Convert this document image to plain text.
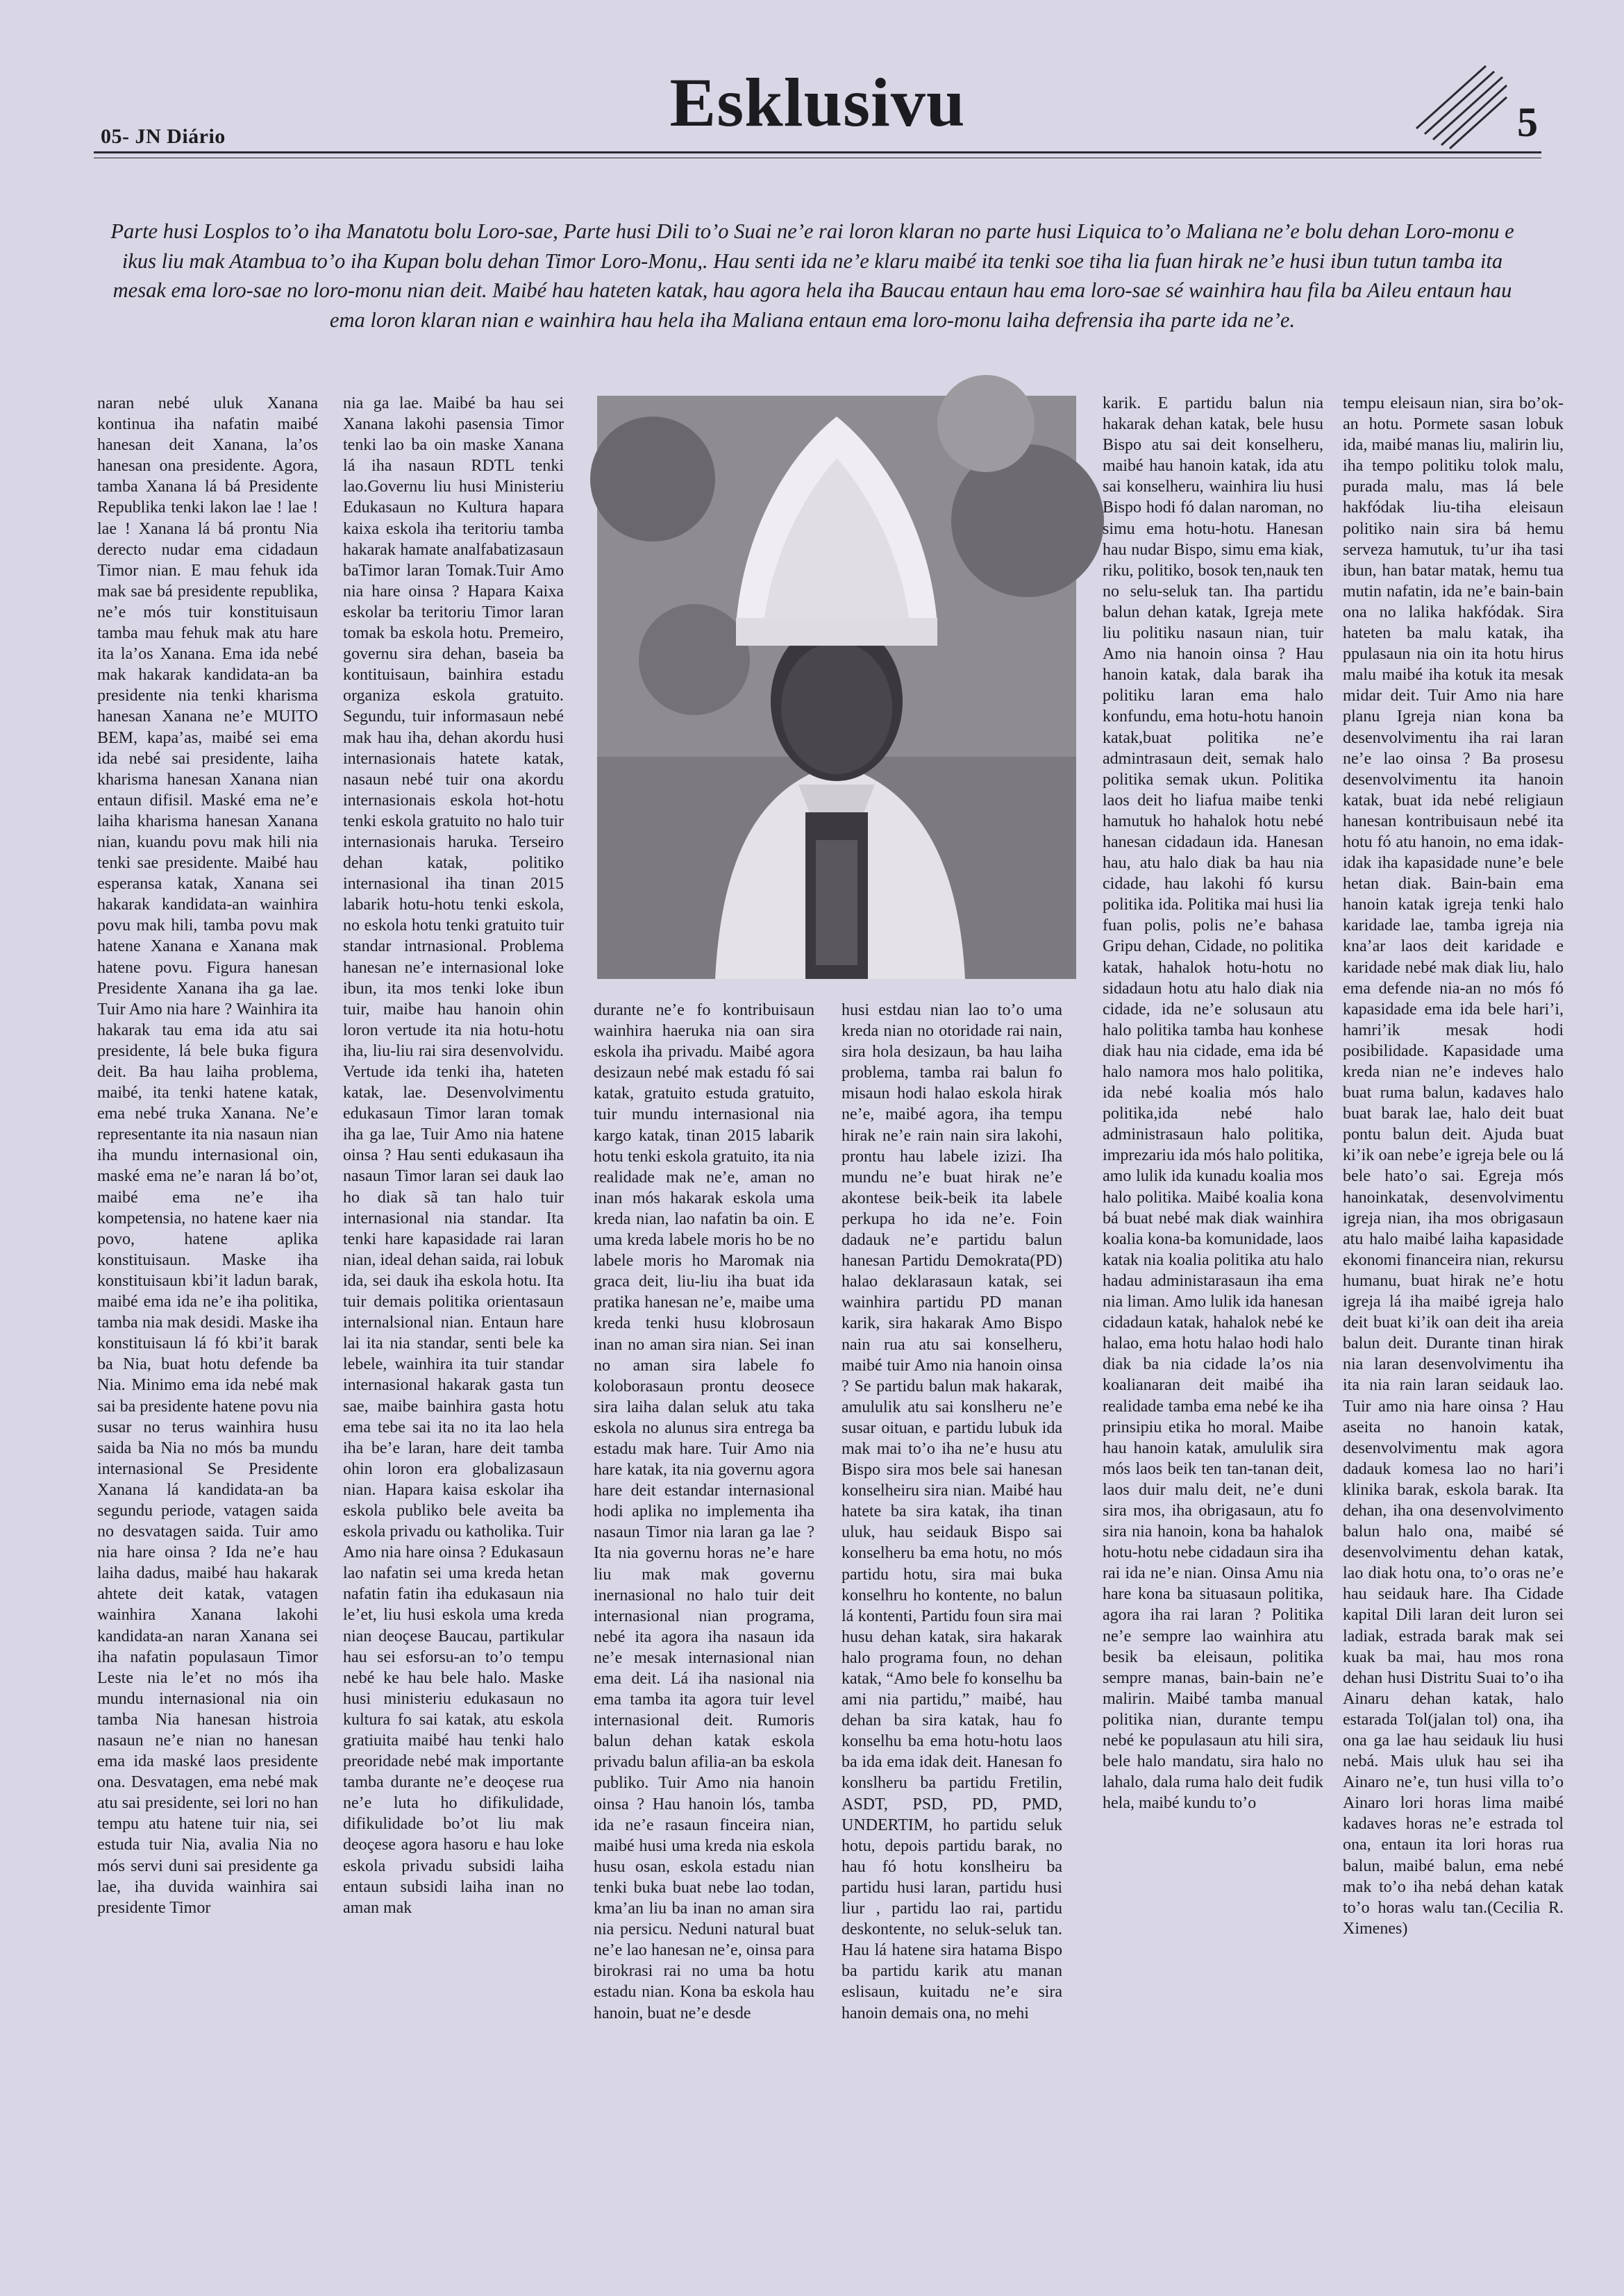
05- JN Diário	Esklusivu	5
Parte husi Losplos to’o iha Manatotu bolu Loro-sae, Parte husi Dili to’o Suai ne’e rai loron klaran no parte husi Liquica to’o Maliana ne’e bolu dehan Loro-monu e ikus liu mak Atambua to’o iha Kupan bolu dehan Timor Loro-Monu,. Hau senti ida ne’e klaru maibé ita tenki soe tiha lia fuan hirak ne’e husi ibun tutun tamba ita mesak ema loro-sae no loro-monu nian deit. Maibé hau hateten katak, hau agora hela iha Baucau entaun hau ema loro-sae sé wainhira hau fila ba Aileu entaun hau ema loron klaran nian e wainhira hau hela iha Maliana entaun ema loro-monu laiha defrensia iha parte ida ne’e.

naran nebé uluk Xanana kontinua iha nafatin maibé hanesan deit Xanana, la’os hanesan ona presidente. Agora, tamba Xanana lá bá Presidente Republika tenki lakon lae ! lae ! lae ! Xanana lá bá prontu Nia derecto nudar ema cidadaun Timor nian. E mau fehuk ida mak sae bá presidente republika, ne’e mós tuir konstituisaun tamba mau fehuk mak atu hare ita la’os Xanana. Ema ida nebé mak hakarak kandidata-an ba presidente nia tenki kharisma hanesan Xanana ne’e MUITO BEM, kapa’as, maibé sei ema ida nebé sai presidente, laiha kharisma hanesan Xanana nian entaun difisil. Maské ema ne’e laiha kharisma hanesan Xanana nian, kuandu povu mak hili nia tenki sae presidente. Maibé hau esperansa katak, Xanana sei hakarak kandidata-an wainhira povu mak hili, tamba povu mak hatene Xanana e Xanana mak hatene povu. Figura hanesan Presidente Xanana iha ga lae. Tuir Amo nia hare ? Wainhira ita hakarak tau ema ida atu sai presidente, lá bele buka figura deit. Ba hau laiha problema, maibé, ita tenki hatene katak, ema nebé truka Xanana. Ne’e representante ita nia nasaun nian iha mundu internasional oin, maské ema ne’e naran lá bo’ot, maibé ema ne’e iha kompetensia, no hatene kaer nia povo, hatene aplika konstituisaun. Maske iha konstituisaun kbi’it ladun barak, maibé ema ida ne’e iha politika, tamba nia mak desidi. Maske iha konstituisaun lá fó kbi’it barak ba Nia, buat hotu defende ba Nia. Minimo ema ida nebé mak sai ba presidente hatene povu nia susar no terus wainhira husu saida ba Nia no mós ba mundu internasional Se Presidente Xanana lá kandidata-an ba segundu periode, vatagen saida no desvatagen saida. Tuir amo nia hare oinsa ? Ida ne’e hau laiha dadus, maibé hau hakarak ahtete deit katak, vatagen wainhira Xanana lakohi kandidata-an naran Xanana sei iha nafatin populasaun Timor Leste nia le’et no mós iha mundu internasional nia oin tamba Nia hanesan histroia nasaun ne’e nian no hanesan ema ida maské laos presidente ona. Desvatagen, ema nebé mak atu sai presidente, sei lori no han tempu atu hatene tuir nia, sei estuda tuir Nia, avalia Nia no mós servi duni sai presidente ga lae, iha duvida wainhira sai presidente Timor

nia ga lae. Maibé ba hau sei Xanana lakohi pasensia Timor tenki lao ba oin maske Xanana lá iha nasaun RDTL tenki lao.Governu liu husi Ministeriu Edukasaun no Kultura hapara kaixa eskola iha teritoriu tamba hakarak hamate analfabatizasaun baTimor laran Tomak.Tuir Amo nia hare oinsa ? Hapara Kaixa eskolar ba teritoriu Timor laran tomak ba eskola hotu. Premeiro, governu sira dehan, baseia ba kontituisaun, bainhira estadu organiza eskola gratuito. Segundu, tuir informasaun nebé mak hau iha, dehan akordu husi internasionais hatete katak, nasaun nebé tuir ona akordu internasionais eskola hot-hotu tenki eskola gratuito no halo tuir internasionais haruka. Terseiro dehan katak, politiko internasional iha tinan 2015 labarik hotu-hotu tenki eskola, no eskola hotu tenki gratuito tuir standar intrnasional. Problema hanesan ne’e internasional loke ibun, ita mos tenki loke ibun tuir, maibe hau hanoin ohin loron vertude ita nia hotu-hotu iha, liu-liu rai sira desenvolvidu. Vertude ida tenki iha, hateten katak, lae. Desenvolvimentu edukasaun Timor laran tomak iha ga lae, Tuir Amo nia hatene oinsa ? Hau senti edukasaun iha nasaun Timor laran sei dauk lao ho diak sã tan halo tuir internasional nia standar. Ita tenki hare kapasidade rai laran nian, ideal dehan saida, rai lobuk ida, sei dauk iha eskola hotu. Ita tuir demais politika orientasaun internalsional nian. Entaun hare lai ita nia standar, senti bele ka lebele, wainhira ita tuir standar internasional hakarak gasta tun sae, maibe bainhira gasta hotu ema tebe sai ita no ita lao hela iha be’e laran, hare deit tamba ohin loron era globalizasaun nian. Hapara kaisa eskolar iha eskola publiko bele aveita ba eskola privadu ou katholika. Tuir Amo nia hare oinsa ? Edukasaun lao nafatin sei uma kreda hetan nafatin fatin iha edukasaun nia le’et, liu husi eskola uma kreda nian deoçese Baucau, partikular hau sei esforsu-an to’o tempu nebé ke hau bele halo. Maske husi ministeriu edukasaun no kultura fo sai katak, atu eskola gratiuita maibé hau tenki halo preoridade nebé mak importante tamba durante ne’e deoçese rua ne’e luta ho difikulidade, difikulidade bo’ot liu mak deoçese agora hasoru e hau loke eskola privadu subsidi laiha entaun subsidi laiha inan no aman mak

durante ne’e fo kontribuisaun wainhira haeruka nia oan sira eskola iha privadu. Maibé agora desizaun nebé mak estadu fó sai katak, gratuito estuda gratuito, tuir mundu internasional nia kargo katak, tinan 2015 labarik hotu tenki eskola gratuito, ita nia realidade mak ne’e, aman no inan mós hakarak eskola uma kreda nian, lao nafatin ba oin. E uma kreda labele moris ho be no labele moris ho Maromak nia graca deit, liu-liu iha buat ida pratika hanesan ne’e, maibe uma kreda tenki husu klobrosaun inan no aman sira nian. Sei inan no aman sira labele fo koloborasaun prontu deosece sira laiha dalan seluk atu taka eskola no alunus sira entrega ba estadu mak hare. Tuir Amo nia hare katak, ita nia governu agora hare deit estandar internasional hodi aplika no implementa iha nasaun Timor nia laran ga lae ? Ita nia governu horas ne’e hare liu mak mak governu inernasional no halo tuir deit internasional nian programa, nebé ita agora iha nasaun ida ne’e mesak internasional nian ema deit. Lá iha nasional nia ema tamba ita agora tuir level internasional deit. Rumoris balun dehan katak eskola privadu balun afilia-an ba eskola publiko. Tuir Amo nia hanoin oinsa ? Hau hanoin lós, tamba ida ne’e rasaun finceira nian, maibé husi uma kreda nia eskola husu osan, eskola estadu nian tenki buka buat nebe lao todan, kma’an liu ba inan no aman sira nia persicu. Neduni natural buat ne’e lao hanesan ne’e, oinsa para birokrasi rai no uma ba hotu estadu nian. Kona ba eskola hau hanoin, buat ne’e desde

husi estdau nian lao to’o uma kreda nian no otoridade rai nain, sira hola desizaun, ba hau laiha problema, tamba rai balun fo misaun hodi halao eskola hirak ne’e, maibé agora, iha tempu hirak ne’e rain nain sira lakohi, prontu hau labele izizi. Iha mundu ne’e buat hirak ne’e akontese beik-beik ita labele perkupa ho ida ne’e. Foin dadauk ne’e partidu balun hanesan Partidu Demokrata(PD) halao deklarasaun katak, sei wainhira partidu PD manan karik, sira hakarak Amo Bispo nain rua atu sai konselheru, maibé tuir Amo nia hanoin oinsa ? Se partidu balun mak hakarak, amululik atu sai konslheru ne’e susar oituan, e partidu lubuk ida mak mai to’o iha ne’e husu atu Bispo sira mos bele sai hanesan konselheiru sira nian. Maibé hau hatete ba sira katak, iha tinan uluk, hau seidauk Bispo sai konselheru ba ema hotu, no mós partidu hotu, sira mai buka konselhru ho kontente, no balun lá kontenti, Partidu foun sira mai husu dehan katak, sira hakarak halo programa foun, no dehan katak, “Amo bele fo konselhu ba ami nia partidu,” maibé, hau dehan ba sira katak, hau fo konselhu ba ema hotu-hotu laos ba ida ema idak deit. Hanesan fo konslheru ba partidu Fretilin, ASDT, PSD, PD, PMD, UNDERTIM, ho partidu seluk hotu, depois partidu barak, no hau fó hotu konslheiru ba partidu husi laran, partidu husi liur , partidu lao rai, partidu deskontente, no seluk-seluk tan. Hau lá hatene sira hatama Bispo ba partidu karik atu manan eslisaun, kuitadu ne’e sira hanoin demais ona, no mehi

karik. E partidu balun nia hakarak dehan katak, bele husu Bispo atu sai deit konselheru, maibé hau hanoin katak, ida atu sai konselheru, wainhira liu husi Bispo hodi fó dalan naroman, no simu ema hotu-hotu. Hanesan hau nudar Bispo, simu ema kiak, riku, politiko, bosok ten,nauk ten no selu-seluk tan. Iha partidu balun dehan katak, Igreja mete liu politiku nasaun nian, tuir Amo nia hanoin oinsa ? Hau hanoin katak, dala barak iha politiku laran ema halo konfundu, ema hotu-hotu hanoin katak,buat politika ne’e admintrasaun deit, semak halo politika semak ukun. Politika laos deit ho liafua maibe tenki hamutuk ho hahalok hotu nebé hanesan cidadaun ida. Hanesan hau, atu halo diak ba hau nia cidade, hau lakohi fó kursu politika ida. Politika mai husi lia fuan polis, polis ne’e bahasa Gripu dehan, Cidade, no politika katak, hahalok hotu-hotu no sidadaun hotu atu halo diak nia cidade, ida ne’e solusaun atu halo politika tamba hau konhese diak hau nia cidade, ema ida bé halo namora mos halo politika, ida nebé koalia mós halo politika,ida nebé halo administrasaun halo politika, imprezariu ida mós halo politika, amo lulik ida kunadu koalia mos halo politika. Maibé koalia kona bá buat nebé mak diak wainhira koalia kona-ba komunidade, laos katak nia koalia politika atu halo hadau administarasaun iha ema nia liman. Amo lulik ida hanesan cidadaun katak, hahalok nebé ke halao, ema hotu halao hodi halo diak ba nia cidade la’os nia koalianaran deit maibé iha realidade tamba ema nebé ke iha prinsipiu etika ho moral. Maibe hau hanoin katak, amululik sira mós laos beik ten tan-tanan deit, laos duir malu deit, ne’e duni sira mos, iha obrigasaun, atu fo sira nia hanoin, kona ba hahalok hotu-hotu nebe cidadaun sira iha rai ida ne’e nian. Oinsa Amu nia hare kona ba situasaun politika, agora iha rai laran ? Politika ne’e sempre lao wainhira atu besik ba eleisaun, politika sempre manas, bain-bain ne’e malirin. Maibé tamba manual politika nian, durante tempu nebé ke populasaun atu hili sira, bele halo mandatu, sira halo no lahalo, dala ruma halo deit fudik hela, maibé kundu to’o

tempu eleisaun nian, sira bo’ok-an hotu. Pormete sasan lobuk ida, maibé manas liu, malirin liu, iha tempo politiku tolok malu, purada malu, mas lá bele hakfódak liu-tiha eleisaun politiko nain sira bá hemu serveza hamutuk, tu’ur iha tasi ibun, han batar matak, hemu tua mutin nafatin, ida ne’e bain-bain ona no lalika hakfódak. Sira hateten ba malu katak, iha ppulasaun nia oin ita hotu hirus malu maibé iha kotuk ita mesak midar deit. Tuir Amo nia hare planu Igreja nian kona ba desenvolvimentu iha rai laran ne’e lao oinsa ? Ba prosesu desenvolvimentu ita hanoin katak, buat ida nebé religiaun hanesan kontribuisaun nebé ita hotu fó atu hanoin, no ema idak-idak iha kapasidade nune’e bele hetan diak. Bain-bain ema hanoin katak igreja tenki halo karidade lae, tamba igreja nia kna’ar laos deit karidade e karidade nebé mak diak liu, halo ema defende nia-an no mós fó kapasidade ema ida bele hari’i, hamri’ik mesak hodi posibilidade. Kapasidade uma kreda nian ne’e indeves halo buat ruma balun, kadaves halo buat barak lae, halo deit buat pontu balun deit. Ajuda buat ki’ik oan nebe’e igreja bele ou lá bele hato’o sai. Egreja mós hanoinkatak, desenvolvimentu igreja nian, iha mos obrigasaun atu halo maibé laiha kapasidade ekonomi financeira nian, rekursu humanu, buat hirak ne’e hotu igreja lá iha maibé igreja halo deit buat ki’ik oan deit iha areia balun deit. Durante tinan hirak nia laran desenvolvimentu iha ita nia rain laran seidauk lao. Tuir amo nia hare oinsa ? Hau aseita no hanoin katak, desenvolvimentu mak agora dadauk komesa lao no hari’i klinika barak, eskola barak. Ita dehan, iha ona desenvolvimento balun halo ona, maibé sé desenvolvimentu dehan katak, lao diak hotu ona, to’o oras ne’e hau seidauk hare. Iha Cidade kapital Dili laran deit luron sei ladiak, estrada barak mak sei kuak ba mai, hau mos rona dehan husi Distritu Suai to’o iha Ainaru dehan katak, halo estarada Tol(jalan tol) ona, iha ona ga lae hau seidauk liu husi nebá. Mais uluk hau sei iha Ainaro ne’e, tun husi villa to’o Ainaro lori horas lima maibé kadaves horas ne’e estrada tol ona, entaun ita lori horas rua balun, maibé balun, ema nebé mak to’o iha nebá dehan katak to’o horas walu tan.(Cecilia R. Ximenes)
